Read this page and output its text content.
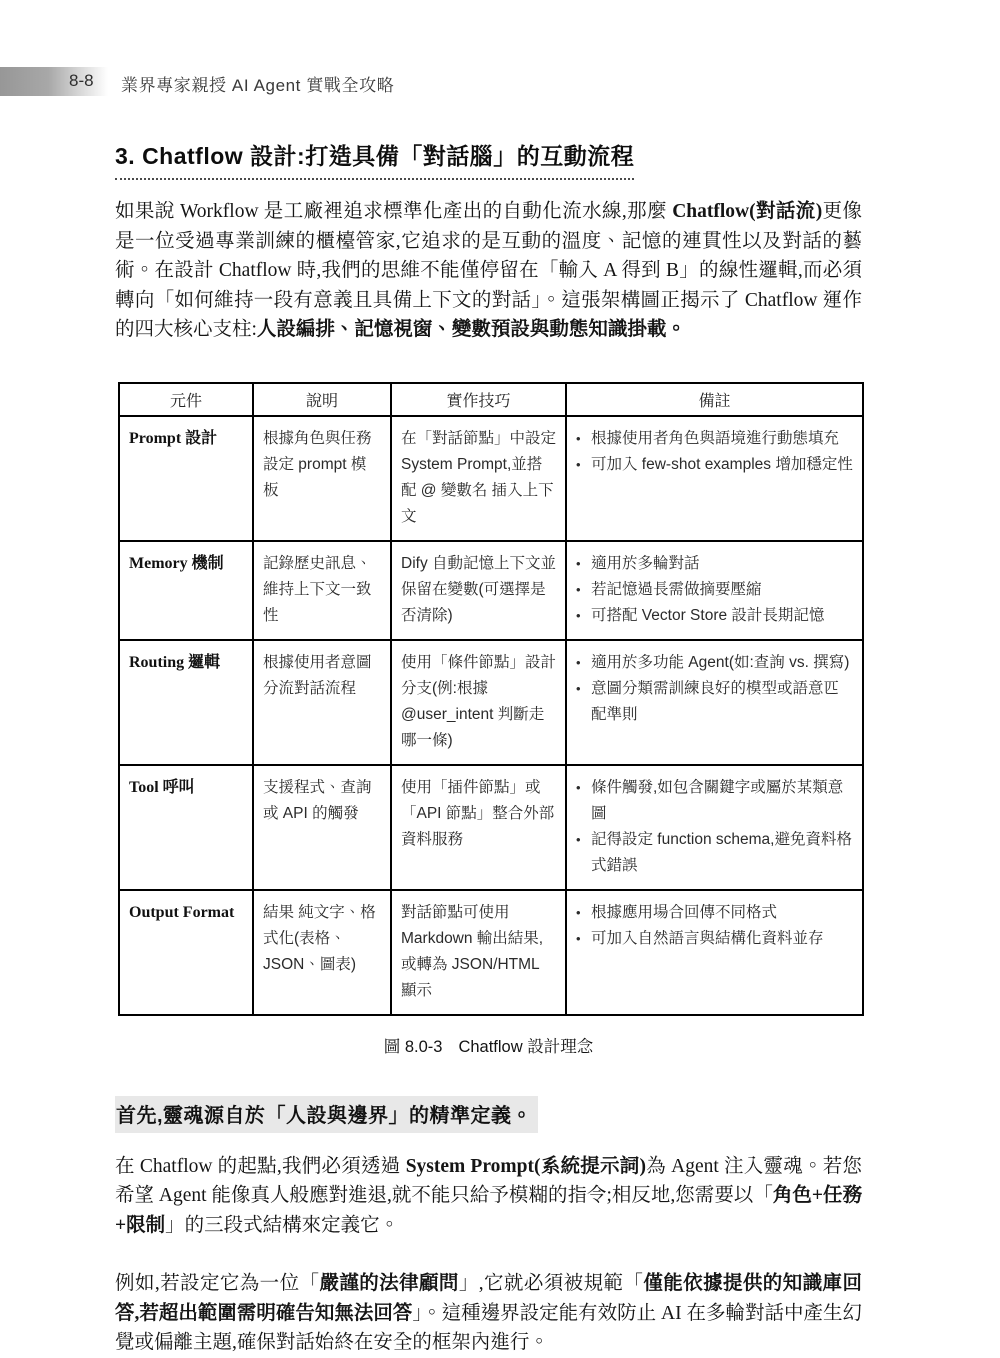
8-8 業界專家親授 AI Agent 實戰全攻略
3. Chatflow 設計:打造具備「對話腦」的互動流程

如果說 Workflow 是工廠裡追求標準化產出的自動化流水線,那麼 Chatflow(對話流)更像是一位受過專業訓練的櫃檯管家,它追求的是互動的溫度、記憶的連貫性以及對話的藝術。在設計 Chatflow 時,我們的思維不能僅停留在「輸入 A 得到 B」的線性邏輯,而必須轉向「如何維持一段有意義且具備上下文的對話」。這張架構圖正揭示了 Chatflow 運作的四大核心支柱:人設編排、記憶視窗、變數預設與動態知識掛載。

元件	說明	實作技巧	備註
Prompt 設計	根據角色與任務設定 prompt 模板	在「對話節點」中設定 System Prompt,並搭配 @ 變數名 插入上下文	
• 根據使用者角色與語境進行動態填充
• 可加入 few-shot examples 增加穩定性

Memory 機制	記錄歷史訊息、維持上下文一致性	Dify 自動記憶上下文並保留在變數(可選擇是否清除)	
• 適用於多輪對話
• 若記憶過長需做摘要壓縮
• 可搭配 Vector Store 設計長期記憶

Routing 邏輯	根據使用者意圖分流對話流程	使用「條件節點」設計分支(例:根據 @user_intent 判斷走哪一條)	
• 適用於多功能 Agent(如:查詢 vs. 撰寫)
• 意圖分類需訓練良好的模型或語意匹配準則

Tool 呼叫	支援程式、查詢或 API 的觸發	使用「插件節點」或「API 節點」整合外部資料服務	
• 條件觸發,如包含關鍵字或屬於某類意圖
• 記得設定 function schema,避免資料格式錯誤

Output Format	結果 純文字、格式化(表格、JSON、圖表)	對話節點可使用 Markdown 輸出結果,或轉為 JSON/HTML 顯示	
• 根據應用場合回傳不同格式
• 可加入自然語言與結構化資料並存
圖 8.0-3 Chatflow 設計理念
首先,靈魂源自於「人設與邊界」的精準定義。

在 Chatflow 的起點,我們必須透過 System Prompt(系統提示詞)為 Agent 注入靈魂。若您希望 Agent 能像真人般應對進退,就不能只給予模糊的指令;相反地,您需要以「角色+任務+限制」的三段式結構來定義它。

例如,若設定它為一位「嚴謹的法律顧問」,它就必須被規範「僅能依據提供的知識庫回答,若超出範圍需明確告知無法回答」。這種邊界設定能有效防止 AI 在多輪對話中產生幻覺或偏離主題,確保對話始終在安全的框架內進行。
